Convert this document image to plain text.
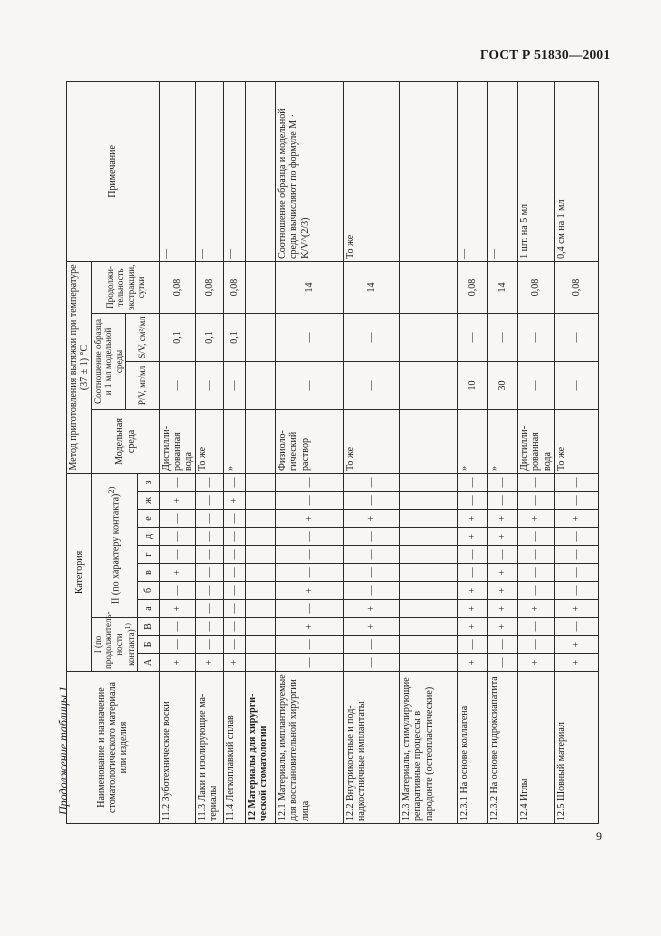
ГОСТ Р 51830—2001
Продолжение таблицы 1
9
Наименование и назначение стоматологического материала или изделия	Категория											Метод приготовления вытяжки при температуре (37 ± 1) °С				Примечание
	I (по продолжительности контакта)$^{1)}$			II (по характеру контакта)$^{2)}$								Модельная среда	Соотношение образца и 1 мл модельной среды		Продолжительность экстракции, сутки	
													P/V, мг/мл	S/V, см²/мл		
	А	Б	В	а	б	в	г	д	е	ж	з					
11.2 Зуботехнические воски	+	—	—	+	—	+	—	—	—	+	—	Дистиллированная вода	—	0,1	0,08	—
11.3 Лаки и изолирующие материалы	+	—	—	—	—	—	—	—	—	—	—	То же	—	0,1	0,08	—
11.4 Легкоплавкий сплав	+	—	—	—	—	—	—	—	—	+	—	»	—	0,1	0,08	—
12 Материалы для хирургической стоматологии																
12.1 Материалы, имплантируемые для восстановительной хирургии лица	—	—	+	—	+	—	—	—	+	—	—	Физиологический раствор	—	—	14	Соотношение образца и модельной среды вычисляют по формуле M · K/V^(2/3)
12.2 Внутрикостные и поднадкостничные имплантаты	—	—	+	+	—	—	—	—	+	—	—	То же	—	—	14	То же
12.3 Материалы, стимулирующие репаративные процессы в пародонте (остеопластические)																
12.3.1 На основе коллагена	+	—	+	+	+	—	—	+	+	—	—	»	10	—	0,08	—
12.3.2 На основе гидроксиапатита	—	—	+	+	+	+	—	+	+	—	—	»	30	—	14	—
12.4 Иглы	+	—	—	+	—	—	—	—	+	—	—	Дистиллированная вода	—	—	0,08	1 шт. на 5 мл
12.5 Шовный материал	+	+	—	+	—	—	—	—	+	—	—	То же	—	—	0,08	0,4 см на 1 мл
